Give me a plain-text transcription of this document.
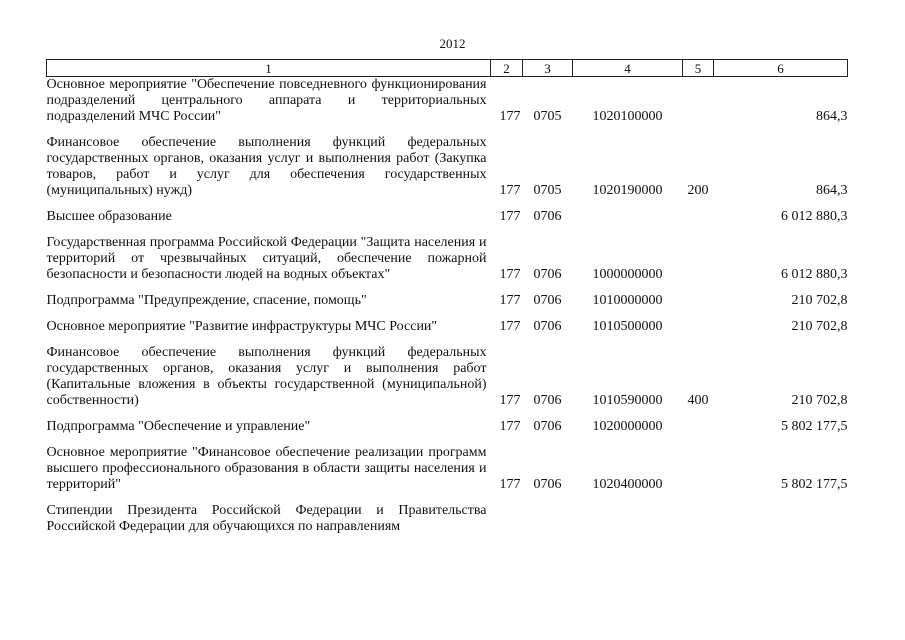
2012
1	2	3	4	5	6
Основное мероприятие "Обеспечение повседневного функционирования подразделений центрального аппарата и территориальных подразделений МЧС России"	177	0705	1020100000		864,3

Финансовое обеспечение выполнения функций федеральных государственных органов, оказания услуг и выполнения работ (Закупка товаров, работ и услуг для обеспечения государственных (муниципальных) нужд)	177	0705	1020190000	200	864,3

Высшее образование	177	0706			6 012 880,3

Государственная программа Российской Федерации "Защита населения и территорий от чрезвычайных ситуаций, обеспечение пожарной безопасности и безопасности людей на водных объектах"	177	0706	1000000000		6 012 880,3

Подпрограмма "Предупреждение, спасение, помощь"	177	0706	1010000000		210 702,8

Основное мероприятие "Развитие инфраструктуры МЧС России"	177	0706	1010500000		210 702,8

Финансовое обеспечение выполнения функций федеральных государственных органов, оказания услуг и выполнения работ (Капитальные вложения в объекты государственной (муниципальной) собственности)	177	0706	1010590000	400	210 702,8

Подпрограмма "Обеспечение и управление"	177	0706	1020000000		5 802 177,5

Основное мероприятие "Финансовое обеспечение реализации программ высшего профессионального образования в области защиты населения и территорий"	177	0706	1020400000		5 802 177,5

Стипендии Президента Российской Федерации и Правительства Российской Федерации для обучающихся по направлениям					
